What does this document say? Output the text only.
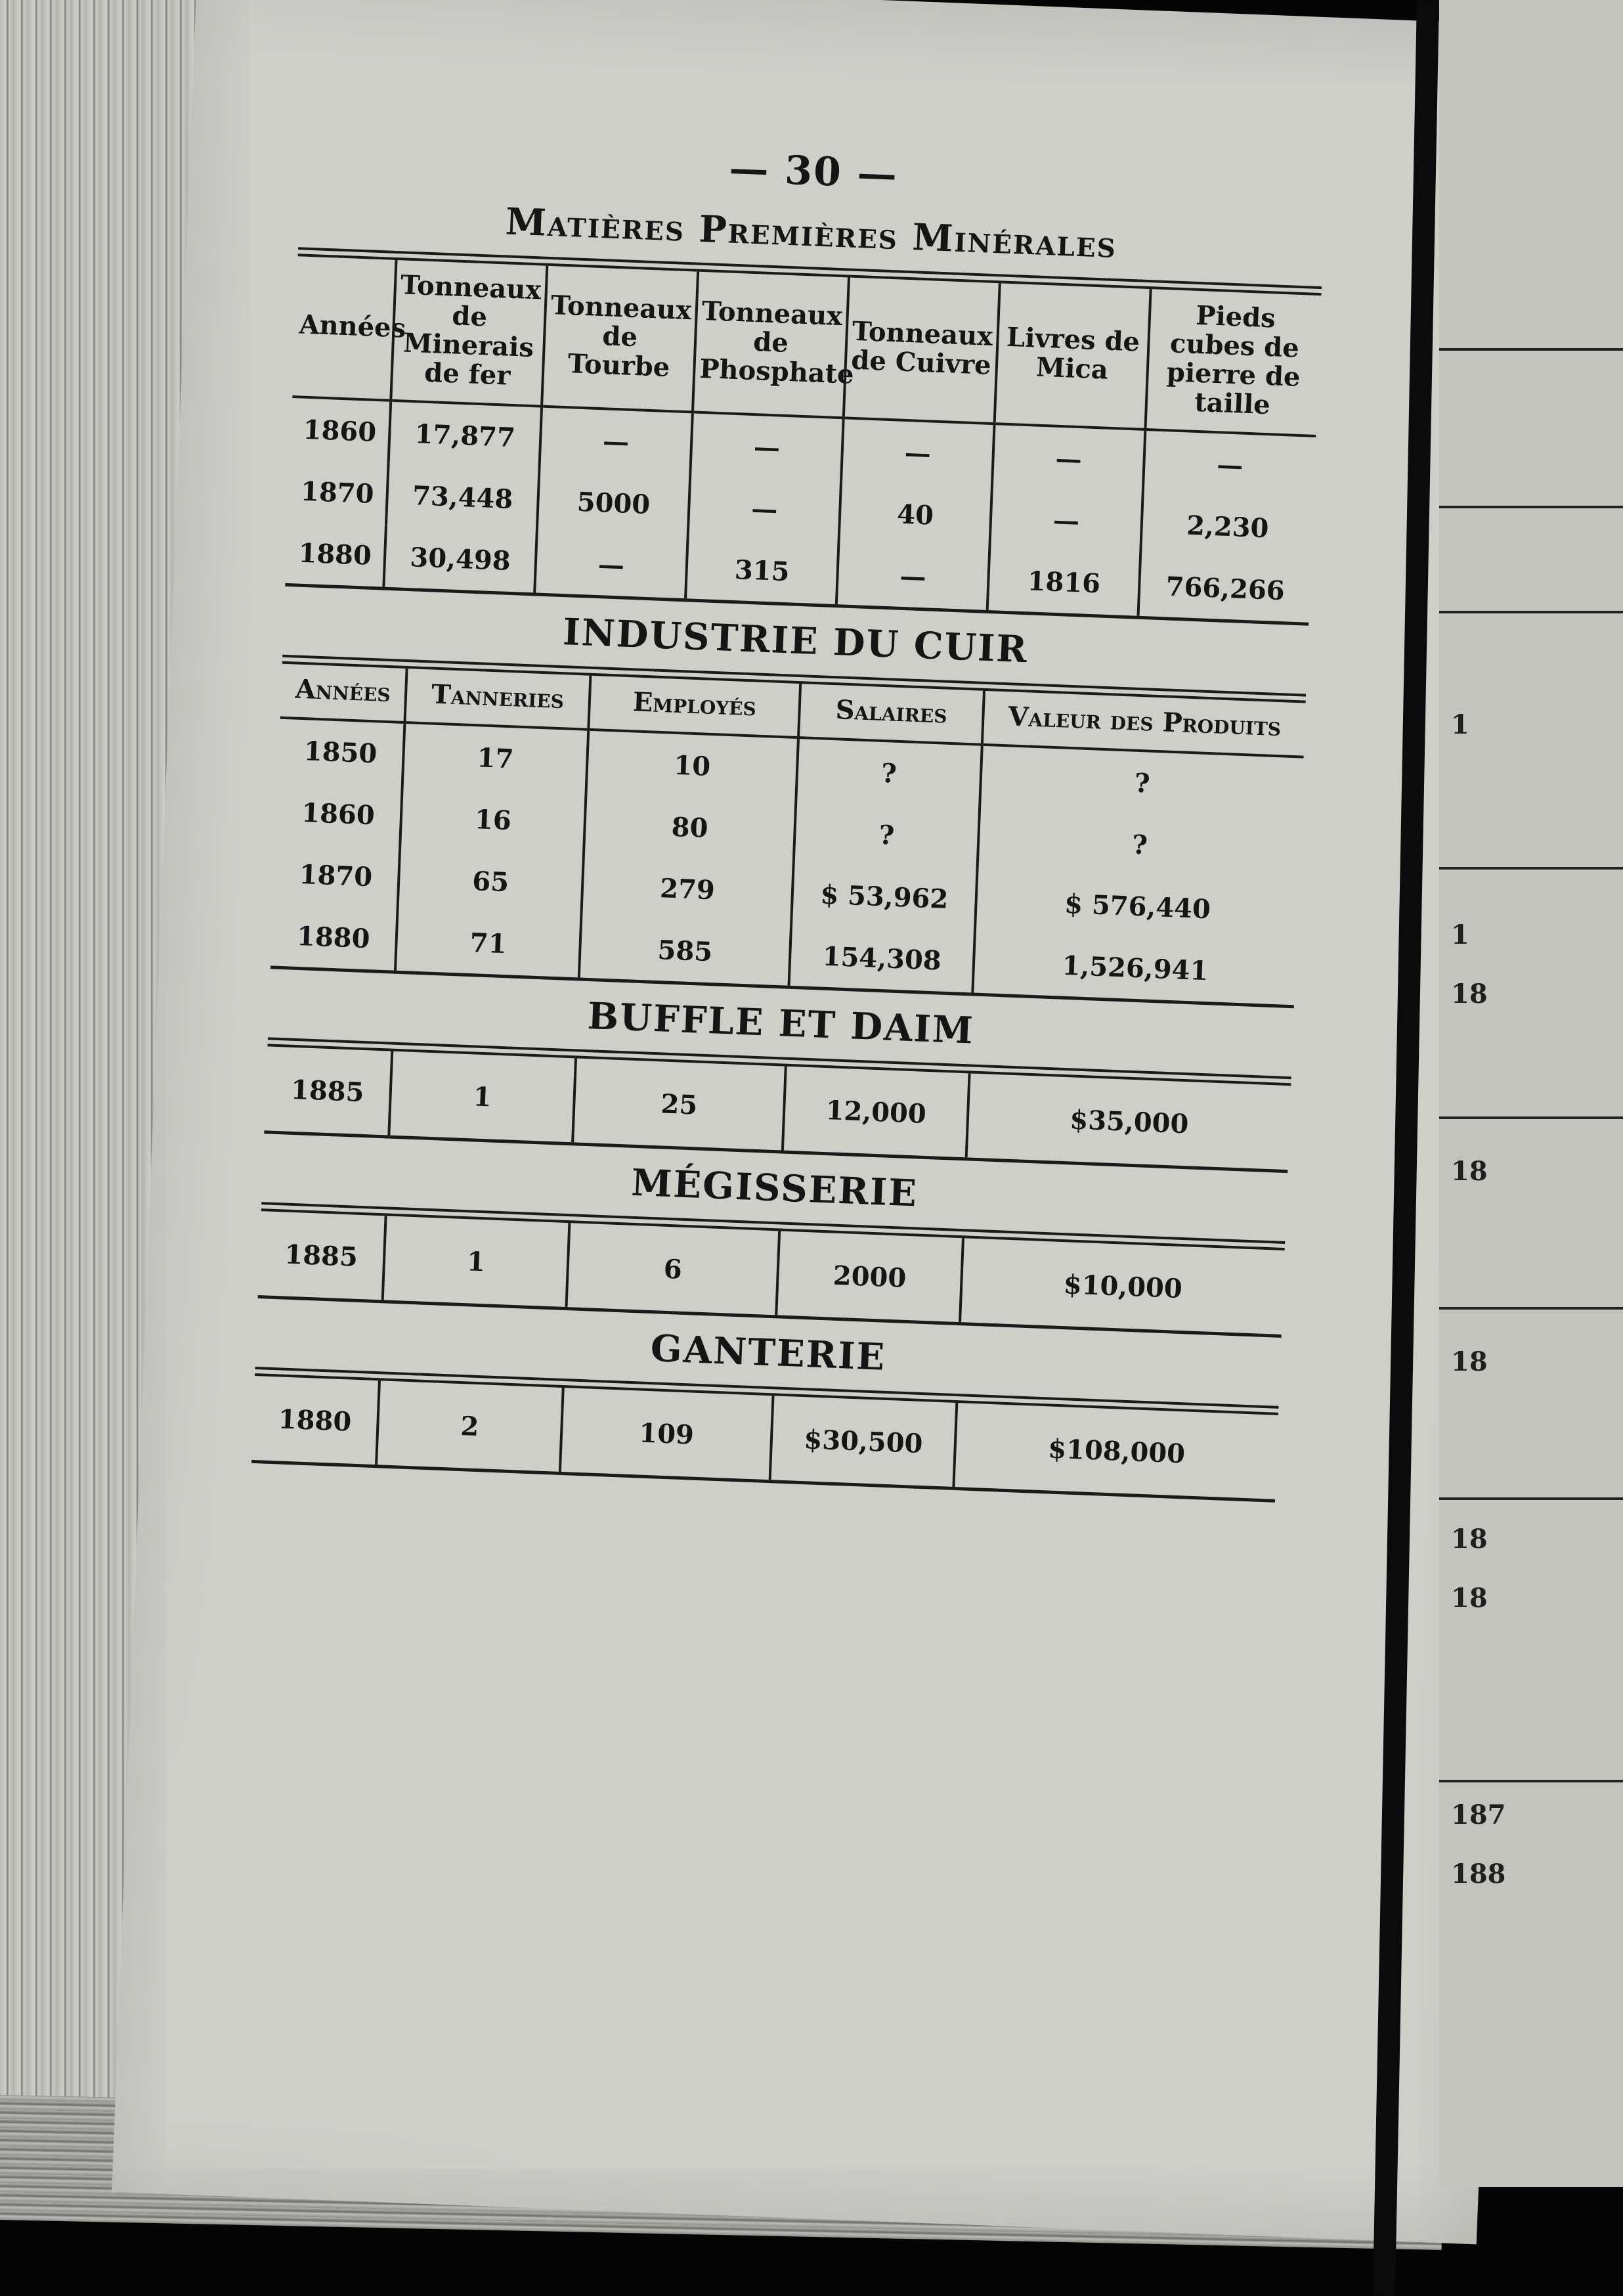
— 30 —
Matières Premières Minérales
Années	Tonneaux de Minerais de fer	Tonneaux de Tourbe	Tonneaux de Phosphate	Tonneaux de Cuivre	Livres de Mica	Pieds cubes de pierre de taille
1860	17,877	—	—	—	—	—
1870	73,448	5000	—	40	—	2,230
1880	30,498	—	315	—	1816	766,266
INDUSTRIE DU CUIR
Années	Tanneries	Employés	Salaires	Valeur des Produits
1850	17	10	?	?
1860	16	80	?	?
1870	65	279	$ 53,962	$ 576,440
1880	71	585	154,308	1,526,941
BUFFLE ET DAIM
1885	1	25	12,000	$35,000
MÉGISSERIE
1885	1	6	2000	$10,000
GANTERIE
1880	2	109	$30,500	$108,000
1
1
18
18
18
18
18
187
188
